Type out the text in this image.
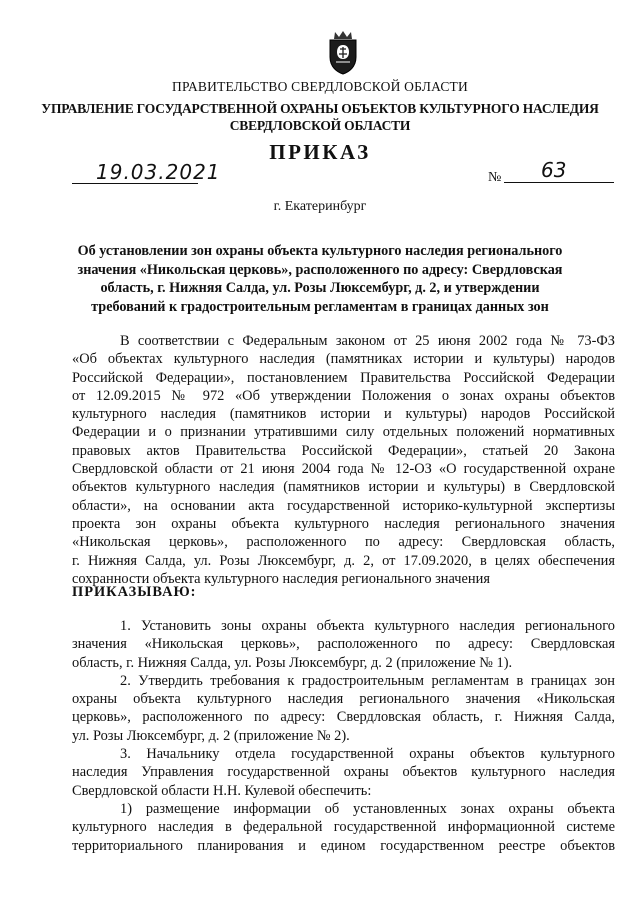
ПРАВИТЕЛЬСТВО СВЕРДЛОВСКОЙ ОБЛАСТИ
УПРАВЛЕНИЕ ГОСУДАРСТВЕННОЙ ОХРАНЫ ОБЪЕКТОВ КУЛЬТУРНОГО НАСЛЕДИЯ
СВЕРДЛОВСКОЙ ОБЛАСТИ
ПРИКАЗ
19.03.2021	№ 63
г. Екатеринбург
Об установлении зон охраны объекта культурного наследия регионального
значения «Никольская церковь», расположенного по адресу: Свердловская
область, г. Нижняя Салда, ул. Розы Люксембург, д. 2, и утверждении
требований к градостроительным регламентам в границах данных зон
В соответствии с Федеральным законом от 25 июня 2002 года № 73-ФЗ
«Об объектах культурного наследия (памятниках истории и культуры) народов
Российской Федерации», постановлением Правительства Российской Федерации
от 12.09.2015 № 972 «Об утверждении Положения о зонах охраны объектов
культурного наследия (памятников истории и культуры) народов Российской
Федерации и о признании утратившими силу отдельных положений нормативных
правовых актов Правительства Российской Федерации», статьей 20 Закона
Свердловской области от 21 июня 2004 года № 12-ОЗ «О государственной охране
объектов культурного наследия (памятников истории и культуры) в Свердловской
области», на основании акта государственной историко-культурной экспертизы
проекта зон охраны объекта культурного наследия регионального значения
«Никольская церковь», расположенного по адресу: Свердловская область,
г. Нижняя Салда, ул. Розы Люксембург, д. 2, от 17.09.2020, в целях обеспечения
сохранности объекта культурного наследия регионального значения
ПРИКАЗЫВАЮ:
1. Установить зоны охраны объекта культурного наследия регионального
значения «Никольская церковь», расположенного по адресу: Свердловская
область, г. Нижняя Салда, ул. Розы Люксембург, д. 2 (приложение № 1).
2. Утвердить требования к градостроительным регламентам в границах зон
охраны объекта культурного наследия регионального значения «Никольская
церковь», расположенного по адресу: Свердловская область, г. Нижняя Салда,
ул. Розы Люксембург, д. 2 (приложение № 2).
3. Начальнику отдела государственной охраны объектов культурного
наследия Управления государственной охраны объектов культурного наследия
Свердловской области Н.Н. Кулевой обеспечить:
1) размещение информации об установленных зонах охраны объекта
культурного наследия в федеральной государственной информационной системе
территориального планирования и едином государственном реестре объектов
